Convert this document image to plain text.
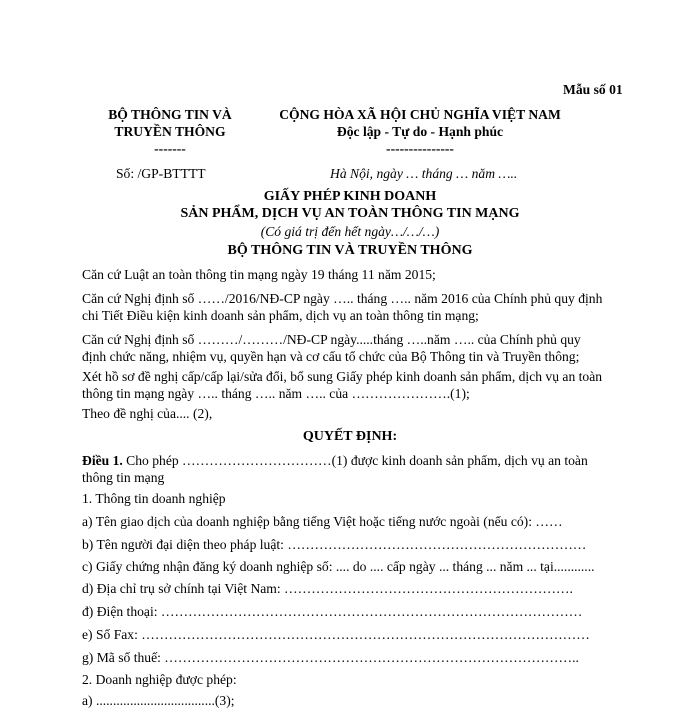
Mẫu số 01
BỘ THÔNG TIN VÀ
TRUYỀN THÔNG
-------
CỘNG HÒA XÃ HỘI CHỦ NGHĨA VIỆT NAM
Độc lập - Tự do - Hạnh phúc
---------------
Số: /GP-BTTTT	Hà Nội, ngày … tháng … năm …..
GIẤY PHÉP KINH DOANH
SẢN PHẨM, DỊCH VỤ AN TOÀN THÔNG TIN MẠNG
(Có giá trị đến hết ngày…/…/…)
BỘ THÔNG TIN VÀ TRUYỀN THÔNG
Căn cứ Luật an toàn thông tin mạng ngày 19 tháng 11 năm 2015;
Căn cứ Nghị định số ……/2016/NĐ-CP ngày ….. tháng ….. năm 2016 của Chính phủ quy định
chi Tiết Điều kiện kinh doanh sản phẩm, dịch vụ an toàn thông tin mạng;
Căn cứ Nghị định số ………/………/NĐ-CP ngày.....tháng …..năm ….. của Chính phủ quy
định chức năng, nhiệm vụ, quyền hạn và cơ cấu tổ chức của Bộ Thông tin và Truyền thông;
Xét hồ sơ đề nghị cấp/cấp lại/sửa đổi, bổ sung Giấy phép kinh doanh sản phẩm, dịch vụ an toàn
thông tin mạng ngày ….. tháng ….. năm ….. của ………………….(1);
Theo đề nghị của.... (2),
QUYẾT ĐỊNH:
Điều 1. Cho phép ……………………………(1) được kinh doanh sản phẩm, dịch vụ an toàn
thông tin mạng
1. Thông tin doanh nghiệp
a) Tên giao dịch của doanh nghiệp bằng tiếng Việt hoặc tiếng nước ngoài (nếu có): ……
b) Tên người đại diện theo pháp luật: …………………………………………………………
c) Giấy chứng nhận đăng ký doanh nghiệp số: .... do .... cấp ngày ... tháng ... năm ... tại............
d) Địa chỉ trụ sở chính tại Việt Nam: ……………………………………………………….
đ) Điện thoại: …………………………………………………………………………………
e) Số Fax: ………………………………………………………………………………………
g) Mã số thuế: ………………………………………………………………………………..
2. Doanh nghiệp được phép:
a) ...................................(3);
